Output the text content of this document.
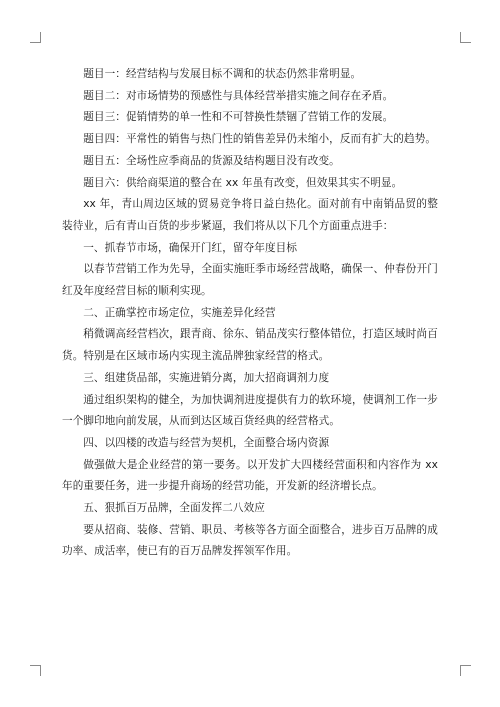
题目一：经营结构与发展目标不调和的状态仍然非常明显。

题目二：对市场情势的预感性与具体经营举措实施之间存在矛盾。

题目三：促销情势的单一性和不可替换性禁锢了营销工作的发展。

题目四：平常性的销售与热门性的销售差异仍未缩小，反而有扩大的趋势。

题目五：全场性应季商品的货源及结构题目没有改变。

题目六：供给商渠道的整合在 xx 年虽有改变，但效果其实不明显。

xx 年，青山周边区域的贸易竞争将日益白热化。面对前有中南销品贸的整装待业，后有青山百货的步步紧逼，我们将从以下几个方面重点进手：

一、抓春节市场，确保开门红，留夺年度目标

以春节营销工作为先导，全面实施旺季市场经营战略，确保一、仲春份开门红及年度经营目标的顺利实现。

二、正确掌控市场定位，实施差异化经营

稍微调高经营档次，跟青商、徐东、销品茂实行整体错位，打造区域时尚百货。特别是在区域市场内实现主流品牌独家经营的格式。

三、组建货品部，实施进销分离，加大招商调剂力度

通过组织架构的健全，为加快调剂进度提供有力的软环境，使调剂工作一步一个脚印地向前发展，从而到达区域百货经典的经营格式。

四、以四楼的改造与经营为契机，全面整合场内资源

做强做大是企业经营的第一要务。以开发扩大四楼经营面积和内容作为 xx 年的重要任务，进一步提升商场的经营功能，开发新的经济增长点。

五、狠抓百万品牌，全面发挥二八效应

要从招商、装修、营销、职员、考核等各方面全面整合，进步百万品牌的成功率、成活率，使已有的百万品牌发挥领军作用。
